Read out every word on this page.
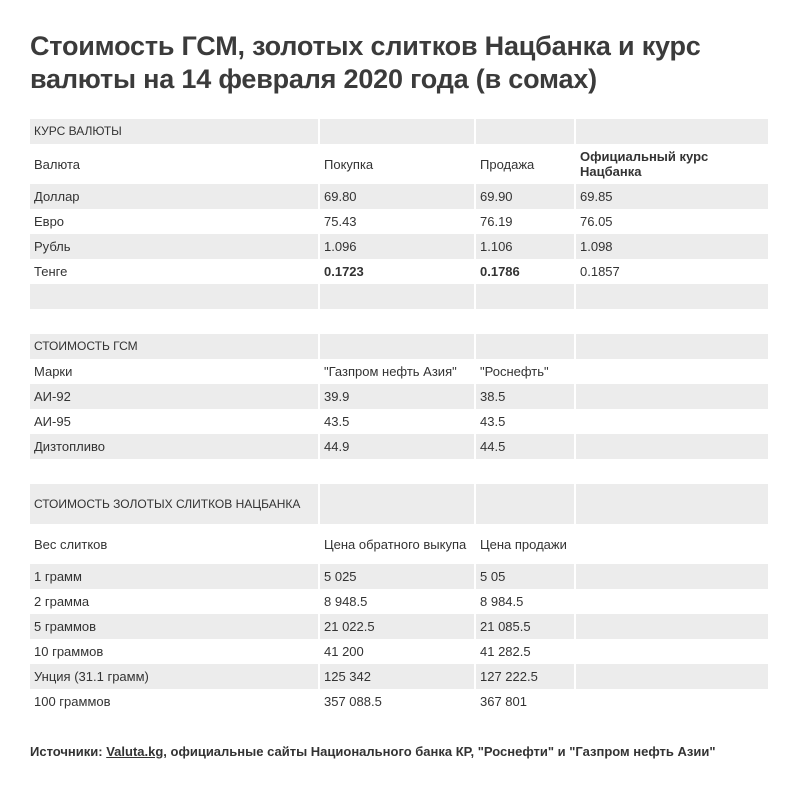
Стоимость ГСМ, золотых слитков Нацбанка и курс валюты на 14 февраля 2020 года (в сомах)
КУРС ВАЛЮТЫ			
Валюта	Покупка	Продажа	Официальный курс Нацбанка
Доллар	69.80	69.90	69.85
Евро	75.43	76.19	76.05
Рубль	1.096	1.106	1.098
Тенге	0.1723	0.1786	0.1857

СТОИМОСТЬ ГСМ			
Марки	"Газпром нефть Азия"	"Роснефть"	
АИ-92	39.9	38.5	
АИ-95	43.5	43.5	
Дизтопливо	44.9	44.5	
СТОИМОСТЬ ЗОЛОТЫХ СЛИТКОВ НАЦБАНКА			
Вес слитков	Цена обратного выкупа	Цена продажи	
1 грамм	5 025	5 05	
2 грамма	8 948.5	8 984.5	
5 граммов	21 022.5	21 085.5	
10 граммов	41 200	41 282.5	
Унция (31.1 грамм)	125 342	127 222.5	
100 граммов	357 088.5	367 801	
Источники: Valuta.kg, официальные сайты Национального банка КР, "Роснефти" и "Газпром нефть Азии"
